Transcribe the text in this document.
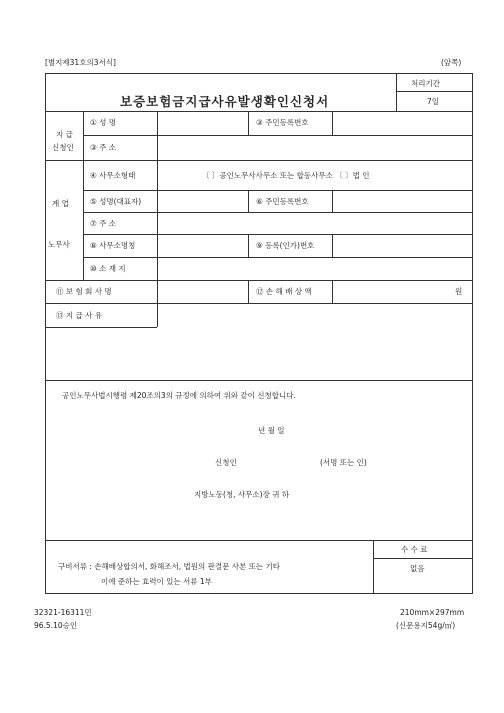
[별지제31호의3서식]	(앞쪽)
보증보험금지급사유발생확인신청서
처리기간
7일
지 급
신청인
① 성 명	③ 주민등록번호
③ 주 소
계 업
노무사
④ 사무소형태	〔 〕공인노무사사무소 또는 합동사무소 〔 〕법 인
⑤ 성명(대표자)	⑥ 주민등록번호
⑦ 주 소
⑧ 사무소명칭	⑨ 등록(인가)번호
⑩ 소 재 지
⑪ 보 험 회 사 명	⑫ 손 해 배 상 액	원
⑬ 지 급 사 유
공인노무사법시행령 제20조의3의 규정에 의하여 위와 같이 신청합니다.
년 월 일
신청인	(서명 또는 인)
지방노동(청, 사무소)장 귀 하
구비서류 : 손해배상합의서, 화해조서, 법원의 판결문 사본 또는 기타
이에 준하는 효력이 있는 서류 1부
수 수 료
없음
32321-16311민
96.5.10승인
210mm×297mm
(신문용지54g/㎡)
